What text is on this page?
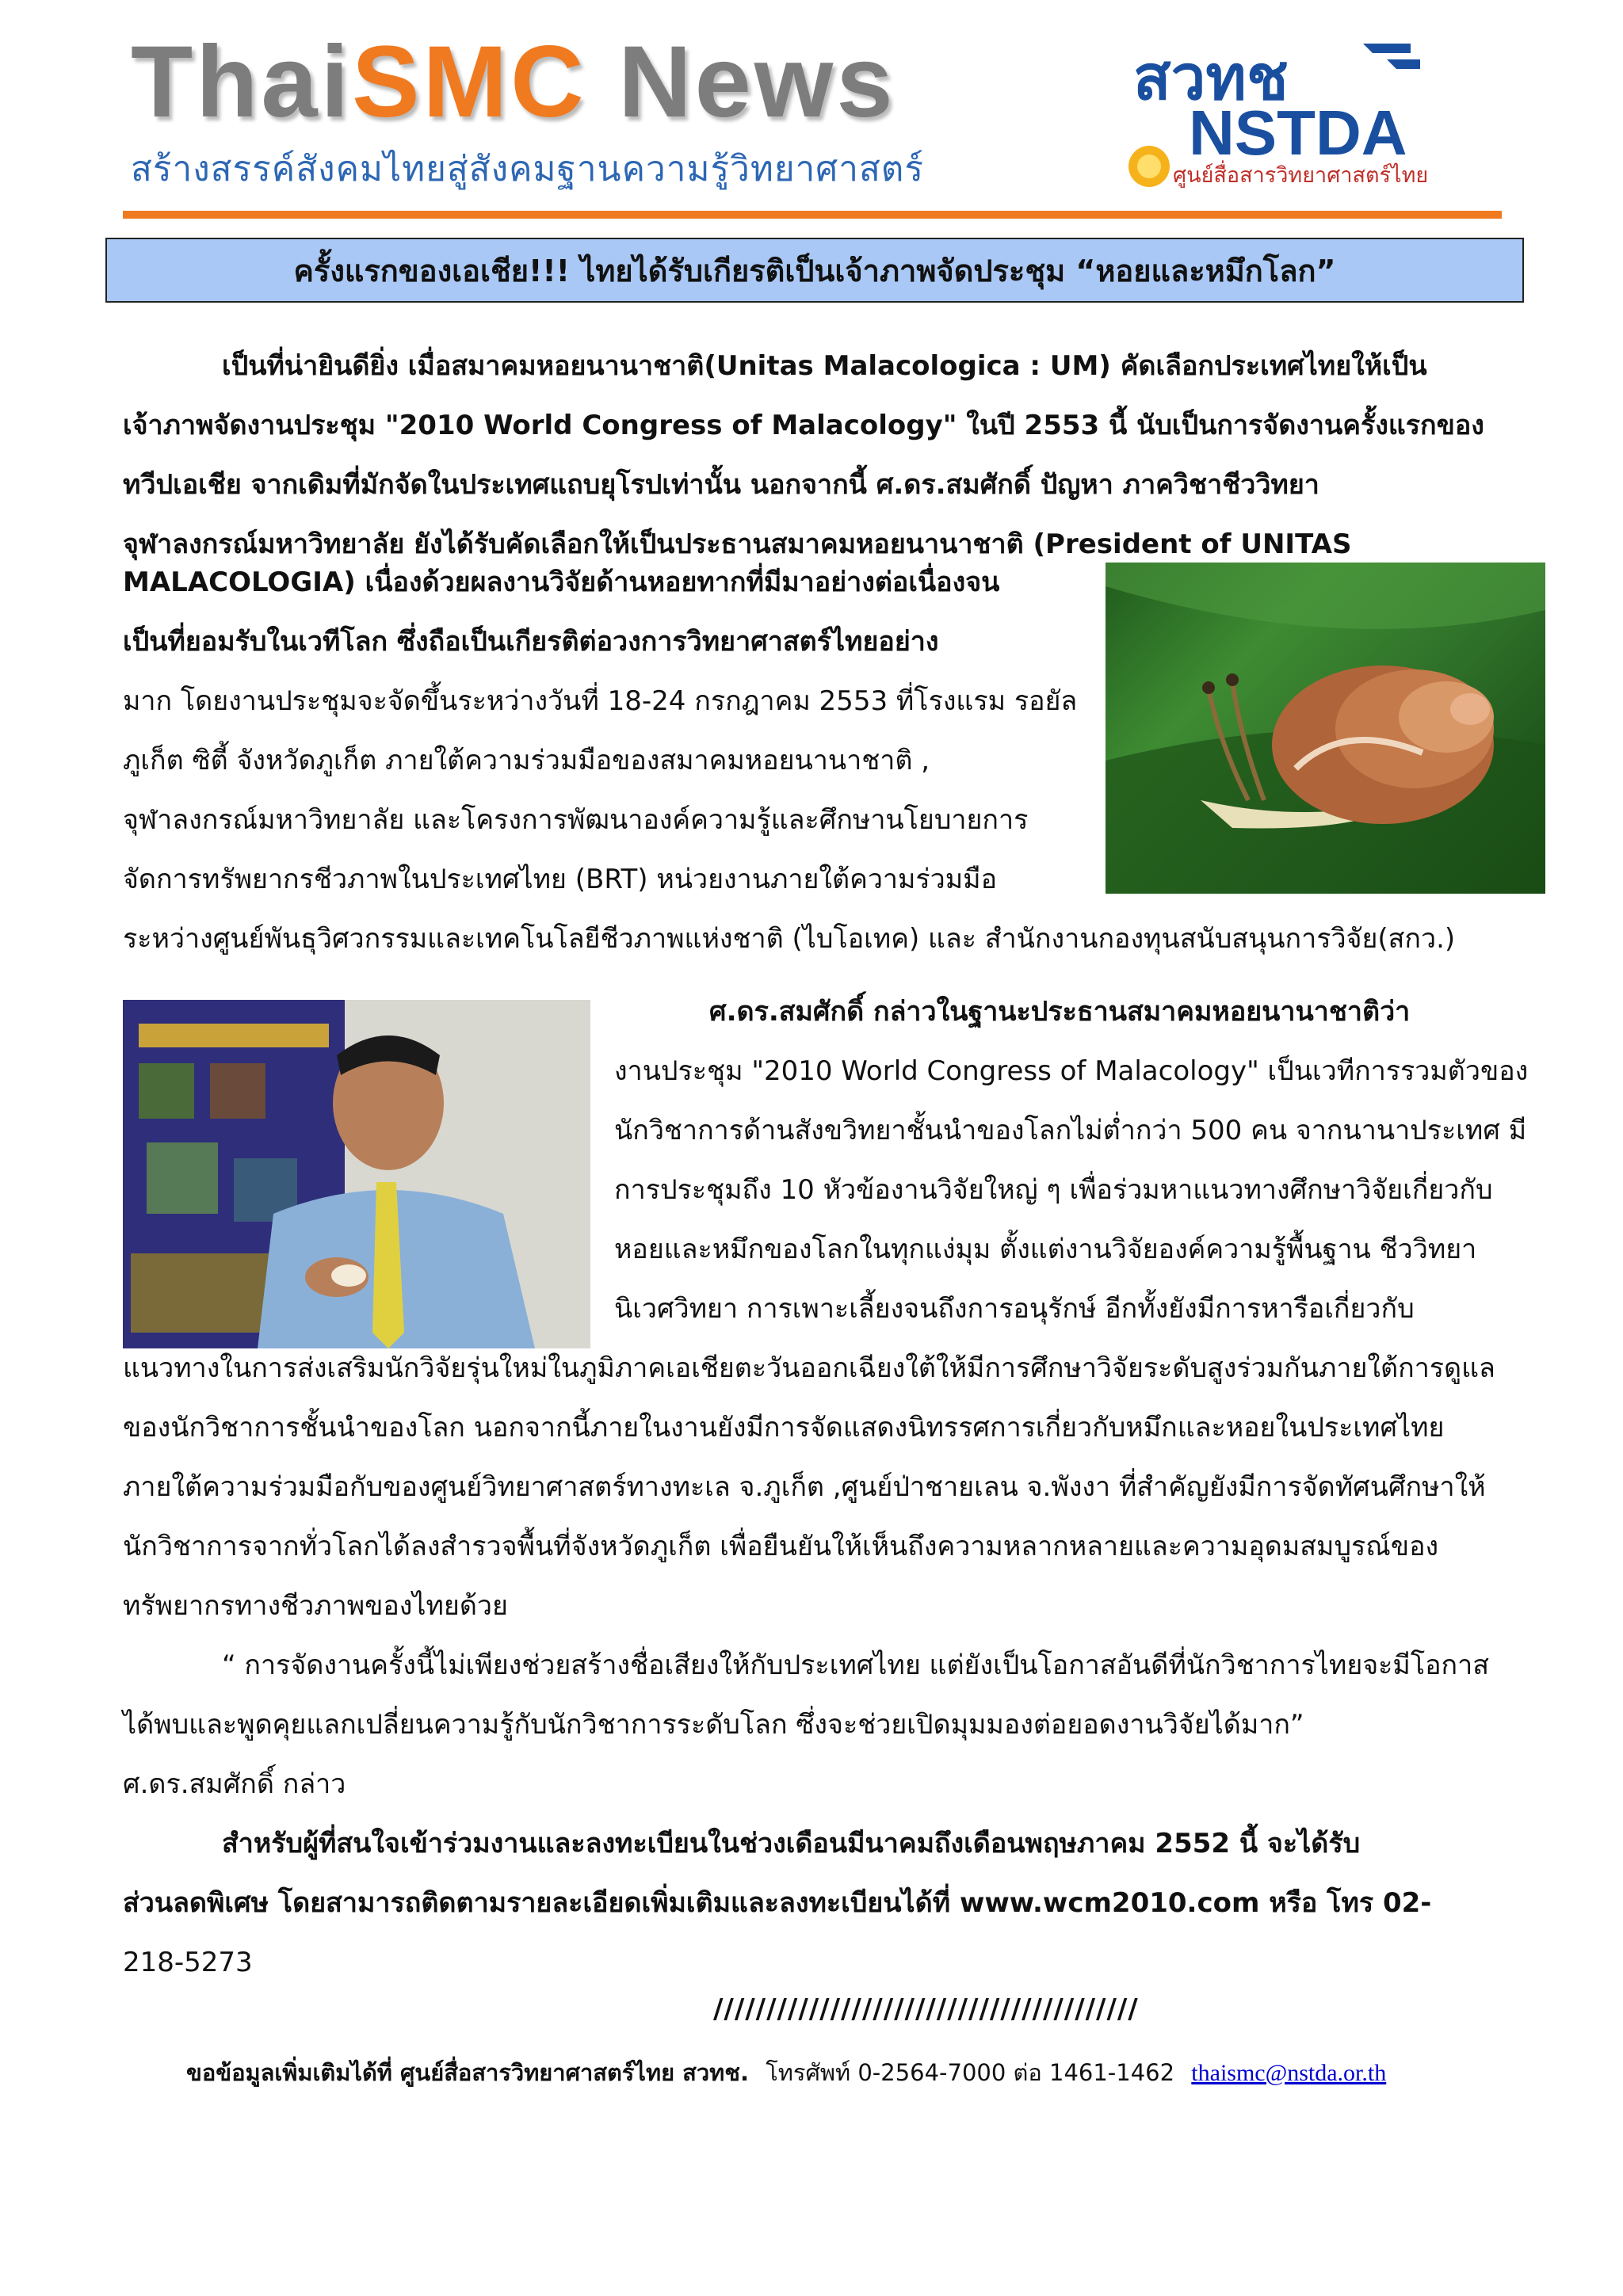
ThaiSMC News
สร้างสรรค์สังคมไทยสู่สังคมฐานความรู้วิทยาศาสตร์
สวทช
NSTDA
ศูนย์สื่อสารวิทยาศาสตร์ไทย
ครั้งแรกของเอเชีย!!! ไทยได้รับเกียรติเป็นเจ้าภาพจัดประชุม “หอยและหมึกโลก”
เป็นที่น่ายินดียิ่ง เมื่อสมาคมหอยนานาชาติ(Unitas Malacologica : UM) คัดเลือกประเทศไทยให้เป็น
เจ้าภาพจัดงานประชุม "2010 World Congress of Malacology" ในปี 2553 นี้ นับเป็นการจัดงานครั้งแรกของ
ทวีปเอเชีย จากเดิมที่มักจัดในประเทศแถบยุโรปเท่านั้น นอกจากนี้ ศ.ดร.สมศักดิ์ ปัญหา ภาควิชาชีววิทยา
จุฬาลงกรณ์มหาวิทยาลัย ยังได้รับคัดเลือกให้เป็นประธานสมาคมหอยนานาชาติ (President of UNITAS
MALACOLOGIA) เนื่องด้วยผลงานวิจัยด้านหอยทากที่มีมาอย่างต่อเนื่องจน
เป็นที่ยอมรับในเวทีโลก ซึ่งถือเป็นเกียรติต่อวงการวิทยาศาสตร์ไทยอย่าง
มาก โดยงานประชุมจะจัดขึ้นระหว่างวันที่ 18-24 กรกฎาคม 2553 ที่โรงแรม รอยัล
ภูเก็ต ซิตี้ จังหวัดภูเก็ต ภายใต้ความร่วมมือของสมาคมหอยนานาชาติ ,
จุฬาลงกรณ์มหาวิทยาลัย และโครงการพัฒนาองค์ความรู้และศึกษานโยบายการ
จัดการทรัพยากรชีวภาพในประเทศไทย (BRT) หน่วยงานภายใต้ความร่วมมือ
ระหว่างศูนย์พันธุวิศวกรรมและเทคโนโลยีชีวภาพแห่งชาติ (ไบโอเทค) และ สำนักงานกองทุนสนับสนุนการวิจัย(สกว.)
ศ.ดร.สมศักดิ์ กล่าวในฐานะประธานสมาคมหอยนานาชาติว่า
งานประชุม "2010 World Congress of Malacology" เป็นเวทีการรวมตัวของ
นักวิชาการด้านสังขวิทยาชั้นนำของโลกไม่ต่ำกว่า 500 คน จากนานาประเทศ มี
การประชุมถึง 10 หัวข้องานวิจัยใหญ่ ๆ เพื่อร่วมหาแนวทางศึกษาวิจัยเกี่ยวกับ
หอยและหมึกของโลกในทุกแง่มุม ตั้งแต่งานวิจัยองค์ความรู้พื้นฐาน ชีววิทยา
นิเวศวิทยา การเพาะเลี้ยงจนถึงการอนุรักษ์ อีกทั้งยังมีการหารือเกี่ยวกับ
แนวทางในการส่งเสริมนักวิจัยรุ่นใหม่ในภูมิภาคเอเชียตะวันออกเฉียงใต้ให้มีการศึกษาวิจัยระดับสูงร่วมกันภายใต้การดูแล
ของนักวิชาการชั้นนำของโลก นอกจากนี้ภายในงานยังมีการจัดแสดงนิทรรศการเกี่ยวกับหมึกและหอยในประเทศไทย
ภายใต้ความร่วมมือกับของศูนย์วิทยาศาสตร์ทางทะเล จ.ภูเก็ต ,ศูนย์ป่าชายเลน จ.พังงา ที่สำคัญยังมีการจัดทัศนศึกษาให้
นักวิชาการจากทั่วโลกได้ลงสำรวจพื้นที่จังหวัดภูเก็ต เพื่อยืนยันให้เห็นถึงความหลากหลายและความอุดมสมบูรณ์ของ
ทรัพยากรทางชีวภาพของไทยด้วย
“ การจัดงานครั้งนี้ไม่เพียงช่วยสร้างชื่อเสียงให้กับประเทศไทย แต่ยังเป็นโอกาสอันดีที่นักวิชาการไทยจะมีโอกาส
ได้พบและพูดคุยแลกเปลี่ยนความรู้กับนักวิชาการระดับโลก ซึ่งจะช่วยเปิดมุมมองต่อยอดงานวิจัยได้มาก”
ศ.ดร.สมศักดิ์ กล่าว
สำหรับผู้ที่สนใจเข้าร่วมงานและลงทะเบียนในช่วงเดือนมีนาคมถึงเดือนพฤษภาคม 2552 นี้ จะได้รับ
ส่วนลดพิเศษ โดยสามารถติดตามรายละเอียดเพิ่มเติมและลงทะเบียนได้ที่ www.wcm2010.com หรือ โทร 02-
218-5273
////////////////////////////////////////
ขอข้อมูลเพิ่มเติมได้ที่ ศูนย์สื่อสารวิทยาศาสตร์ไทย สวทช. โทรศัพท์ 0-2564-7000 ต่อ 1461-1462 thaismc@nstda.or.th
